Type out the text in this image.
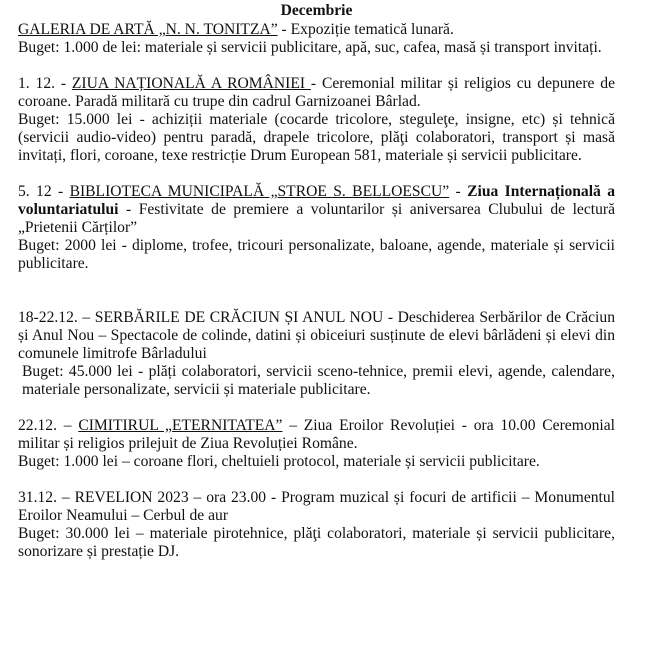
Decembrie

GALERIA DE ARTĂ „N. N. TONITZA” - Expoziție tematică lunară.

Buget: 1.000 de lei: materiale și servicii publicitare, apă, suc, cafea, masă și transport invitați.

1. 12. - ZIUA NAȚIONALĂ A ROMÂNIEI - Ceremonial militar și religios cu depunere de coroane. Paradă militară cu trupe din cadrul Garnizoanei Bârlad.

Buget: 15.000 lei - achiziții materiale (cocarde tricolore, steguleţe, insigne, etc) și tehnică (servicii audio-video) pentru paradă, drapele tricolore, plăţi colaboratori, transport și masă invitați, flori, coroane, texe restricție Drum European 581, materiale și servicii publicitare.

5. 12 - BIBLIOTECA MUNICIPALĂ „STROE S. BELLOESCU” - Ziua Internațională a voluntariatului - Festivitate de premiere a voluntarilor și aniversarea Clubului de lectură „Prietenii Cărților”

Buget: 2000 lei - diplome, trofee, tricouri personalizate, baloane, agende, materiale și servicii publicitare.

18-22.12. – SERBĂRILE DE CRĂCIUN ȘI ANUL NOU - Deschiderea Serbărilor de Crăciun și Anul Nou – Spectacole de colinde, datini și obiceiuri susținute de elevi bârlădeni și elevi din comunele limitrofe Bârladului

Buget: 45.000 lei - plăți colaboratori, servicii sceno-tehnice, premii elevi, agende, calendare, materiale personalizate, servicii și materiale publicitare.

22.12. – CIMITIRUL „ETERNITATEA” – Ziua Eroilor Revoluției - ora 10.00 Ceremonial militar și religios prilejuit de Ziua Revoluției Române.

Buget: 1.000 lei – coroane flori, cheltuieli protocol, materiale și servicii publicitare.

31.12. – REVELION 2023 – ora 23.00 - Program muzical și focuri de artificii – Monumentul Eroilor Neamului – Cerbul de aur

Buget: 30.000 lei – materiale pirotehnice, plăţi colaboratori, materiale și servicii publicitare, sonorizare și prestație DJ.
